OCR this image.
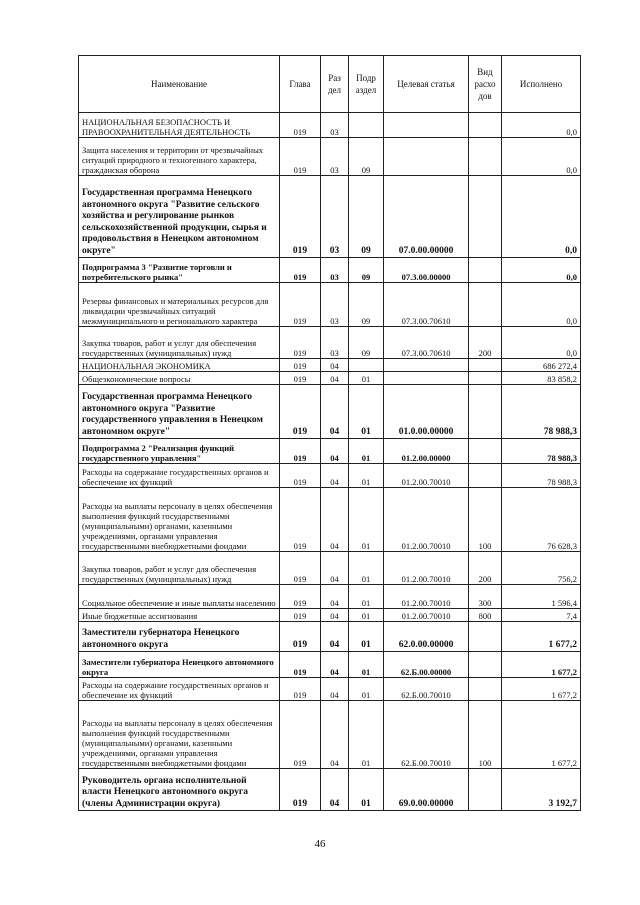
Наименование	Глава	Раз дел	Подр аздел	Целевая статья	Вид расхо дов	Исполнено
НАЦИОНАЛЬНАЯ БЕЗОПАСНОСТЬ И ПРАВООХРАНИТЕЛЬНАЯ ДЕЯТЕЛЬНОСТЬ	019	03				0,0
Защита населения и территории от чрезвычайных ситуаций природного и техногенного характера, гражданская оборона	019	03	09			0,0
Государственная программа Ненецкого автономного округа "Развитие сельского хозяйства и регулирование рынков сельскохозяйственной продукции, сырья и продовольствия в Ненецком автономном округе"	019	03	09	07.0.00.00000		0,0
Подпрограмма 3 "Развитие торговли и потребительского рынка"	019	03	09	07.3.00.00000		0,0
Резервы финансовых и материальных ресурсов для ликвидации чрезвычайных ситуаций межмуниципального и регионального характера	019	03	09	07.3.00.70610		0,0
Закупка товаров, работ и услуг для обеспечения государственных (муниципальных) нужд	019	03	09	07.3.00.70610	200	0,0
НАЦИОНАЛЬНАЯ ЭКОНОМИКА	019	04				686 272,4
Общеэкономические вопросы	019	04	01			83 858,2
Государственная программа Ненецкого автономного округа "Развитие государственного управления в Ненецком автономном округе"	019	04	01	01.0.00.00000		78 988,3
Подпрограмма 2 "Реализация функций государственного управления"	019	04	01	01.2.00.00000		78 988,3
Расходы на содержание государственных органов и обеспечение их функций	019	04	01	01.2.00.70010		78 988,3
Расходы на выплаты персоналу в целях обеспечения выполнения функций государственными (муниципальными) органами, казенными учреждениями, органами управления государственными внебюджетными фондами	019	04	01	01.2.00.70010	100	76 628,3
Закупка товаров, работ и услуг для обеспечения государственных (муниципальных) нужд	019	04	01	01.2.00.70010	200	756,2
Социальное обеспечение и иные выплаты населению	019	04	01	01.2.00.70010	300	1 596,4
Иные бюджетные ассигнования	019	04	01	01.2.00.70010	800	7,4
Заместители губернатора Ненецкого автономного округа	019	04	01	62.0.00.00000		1 677,2
Заместители губернатора Ненецкого автономного округа	019	04	01	62.Б.00.00000		1 677,2
Расходы на содержание государственных органов и обеспечение их функций	019	04	01	62.Б.00.70010		1 677,2
Расходы на выплаты персоналу в целях обеспечения выполнения функций государственными (муниципальными) органами, казенными учреждениями, органами управления государственными внебюджетными фондами	019	04	01	62.Б.00.70010	100	1 677,2
Руководитель органа исполнительной власти Ненецкого автономного округа (члены Администрации округа)	019	04	01	69.0.00.00000		3 192,7
46
